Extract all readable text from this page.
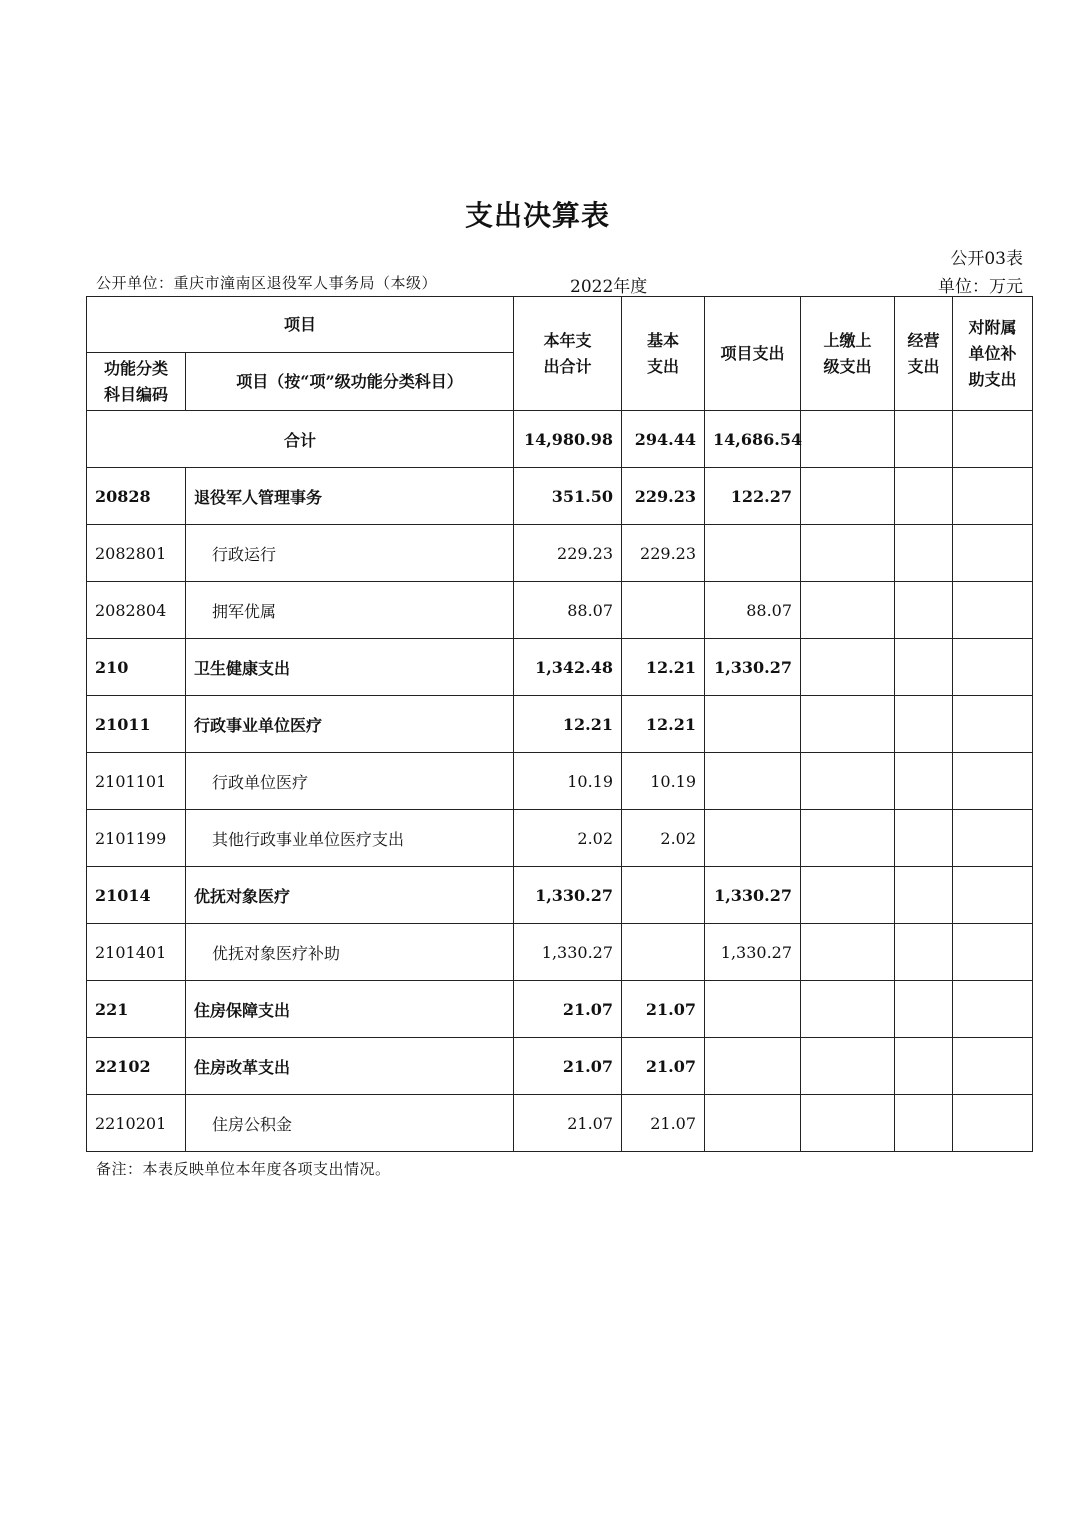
支出决算表
公开03表
公开单位：重庆市潼南区退役军人事务局（本级）	2022年度	单位：万元
项目		本年支出合计	基本支出	项目支出	上缴上级支出	经营支出	对附属单位补助支出

功能分类科目编码	项目（按“项”级功能分类科目）						
合计		14,980.98	294.44	14,686.54			
20828	退役军人管理事务	351.50	229.23	122.27			
2082801	行政运行	229.23	229.23				
2082804	拥军优属	88.07		88.07			
210	卫生健康支出	1,342.48	12.21	1,330.27			
21011	行政事业单位医疗	12.21	12.21				
2101101	行政单位医疗	10.19	10.19				
2101199	其他行政事业单位医疗支出	2.02	2.02				
21014	优抚对象医疗	1,330.27		1,330.27			
2101401	优抚对象医疗补助	1,330.27		1,330.27			
221	住房保障支出	21.07	21.07				
22102	住房改革支出	21.07	21.07				
2210201	住房公积金	21.07	21.07				
备注：本表反映单位本年度各项支出情况。
